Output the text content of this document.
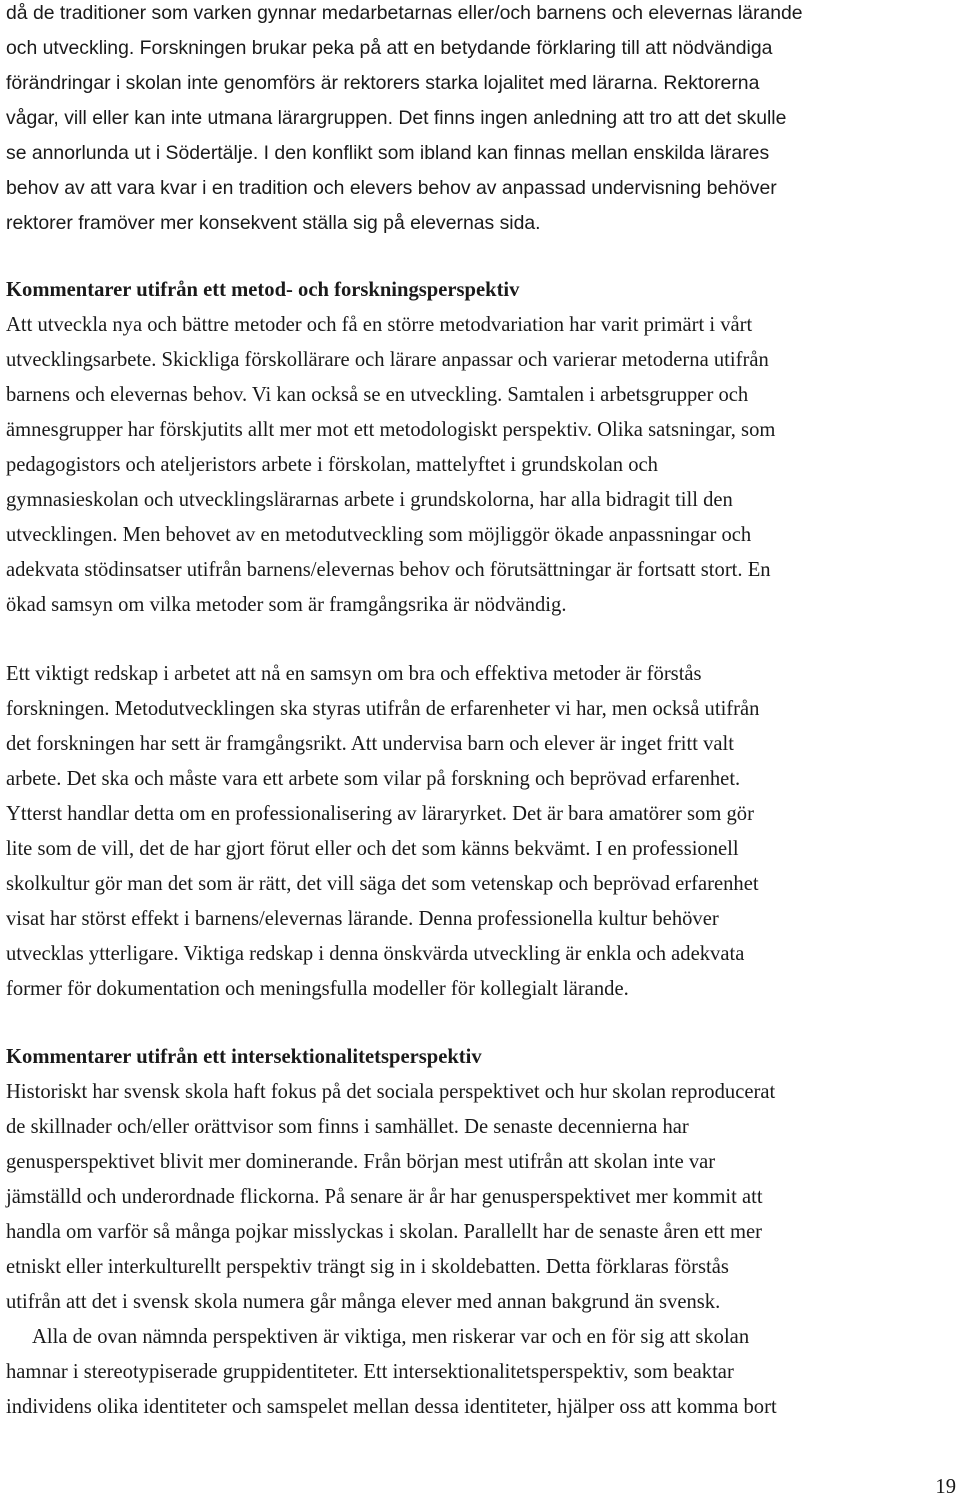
då de traditioner som varken gynnar medarbetarnas eller/och barnens och elevernas lärande
och utveckling. Forskningen brukar peka på att en betydande förklaring till att nödvändiga
förändringar i skolan inte genomförs är rektorers starka lojalitet med lärarna. Rektorerna
vågar, vill eller kan inte utmana lärargruppen. Det finns ingen anledning att tro att det skulle
se annorlunda ut i Södertälje. I den konflikt som ibland kan finnas mellan enskilda lärares
behov av att vara kvar i en tradition och elevers behov av anpassad undervisning behöver
rektorer framöver mer konsekvent ställa sig på elevernas sida.
Kommentarer utifrån ett metod- och forskningsperspektiv
Att utveckla nya och bättre metoder och få en större metodvariation har varit primärt i vårt
utvecklingsarbete. Skickliga förskollärare och lärare anpassar och varierar metoderna utifrån
barnens och elevernas behov. Vi kan också se en utveckling. Samtalen i arbetsgrupper och
ämnesgrupper har förskjutits allt mer mot ett metodologiskt perspektiv. Olika satsningar, som
pedagogistors och ateljeristors arbete i förskolan, mattelyftet i grundskolan och
gymnasieskolan och utvecklingslärarnas arbete i grundskolorna, har alla bidragit till den
utvecklingen. Men behovet av en metodutveckling som möjliggör ökade anpassningar och
adekvata stödinsatser utifrån barnens/elevernas behov och förutsättningar är fortsatt stort. En
ökad samsyn om vilka metoder som är framgångsrika är nödvändig.
Ett viktigt redskap i arbetet att nå en samsyn om bra och effektiva metoder är förstås
forskningen. Metodutvecklingen ska styras utifrån de erfarenheter vi har, men också utifrån
det forskningen har sett är framgångsrikt. Att undervisa barn och elever är inget fritt valt
arbete. Det ska och måste vara ett arbete som vilar på forskning och beprövad erfarenhet.
Ytterst handlar detta om en professionalisering av läraryrket. Det är bara amatörer som gör
lite som de vill, det de har gjort förut eller och det som känns bekvämt. I en professionell
skolkultur gör man det som är rätt, det vill säga det som vetenskap och beprövad erfarenhet
visat har störst effekt i barnens/elevernas lärande. Denna professionella kultur behöver
utvecklas ytterligare. Viktiga redskap i denna önskvärda utveckling är enkla och adekvata
former för dokumentation och meningsfulla modeller för kollegialt lärande.
Kommentarer utifrån ett intersektionalitetsperspektiv
Historiskt har svensk skola haft fokus på det sociala perspektivet och hur skolan reproducerat
de skillnader och/eller orättvisor som finns i samhället. De senaste decennierna har
genusperspektivet blivit mer dominerande. Från början mest utifrån att skolan inte var
jämställd och underordnade flickorna. På senare är år har genusperspektivet mer kommit att
handla om varför så många pojkar misslyckas i skolan. Parallellt har de senaste åren ett mer
etniskt eller interkulturellt perspektiv trängt sig in i skoldebatten. Detta förklaras förstås
utifrån att det i svensk skola numera går många elever med annan bakgrund än svensk.
Alla de ovan nämnda perspektiven är viktiga, men riskerar var och en för sig att skolan
hamnar i stereotypiserade gruppidentiteter. Ett intersektionalitetsperspektiv, som beaktar
individens olika identiteter och samspelet mellan dessa identiteter, hjälper oss att komma bort
19
